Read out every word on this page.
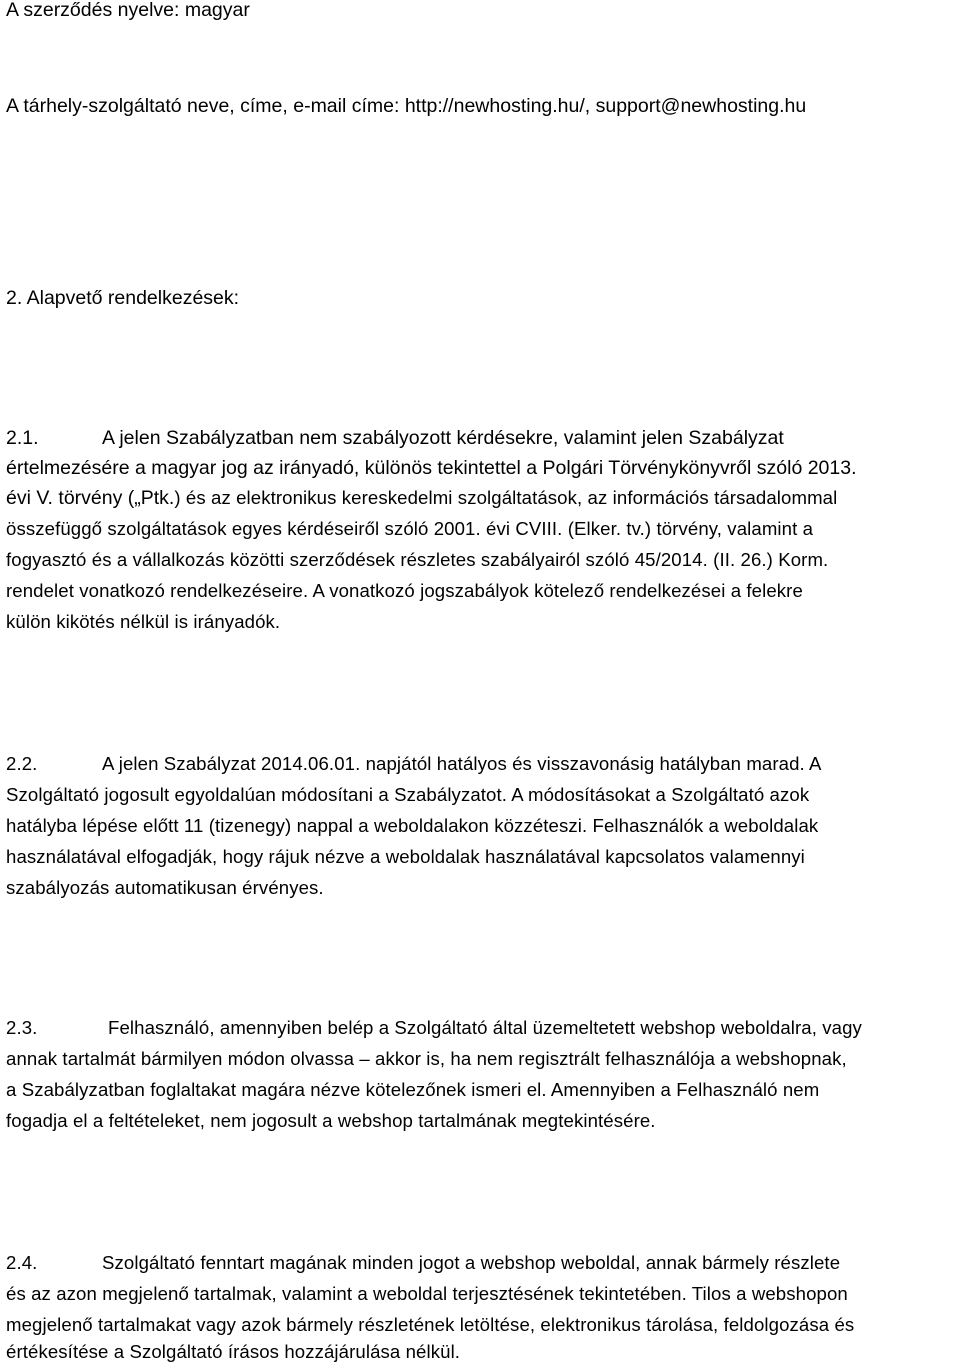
A szerződés nyelve: magyar
A tárhely-szolgáltató neve, címe, e-mail címe: http://newhosting.hu/, support@newhosting.hu
2. Alapvető rendelkezések:
2.1.	A jelen Szabályzatban nem szabályozott kérdésekre, valamint jelen Szabályzat
értelmezésére a magyar jog az irányadó, különös tekintettel a Polgári Törvénykönyvről szóló 2013.
évi V. törvény („Ptk.) és az elektronikus kereskedelmi szolgáltatások, az információs társadalommal
összefüggő szolgáltatások egyes kérdéseiről szóló 2001. évi CVIII. (Elker. tv.) törvény, valamint a
fogyasztó és a vállalkozás közötti szerződések részletes szabályairól szóló 45/2014. (II. 26.) Korm.
rendelet vonatkozó rendelkezéseire. A vonatkozó jogszabályok kötelező rendelkezései a felekre
külön kikötés nélkül is irányadók.
2.2.	A jelen Szabályzat 2014.06.01. napjától hatályos és visszavonásig hatályban marad. A
Szolgáltató jogosult egyoldalúan módosítani a Szabályzatot. A módosításokat a Szolgáltató azok
hatályba lépése előtt 11 (tizenegy) nappal a weboldalakon közzéteszi. Felhasználók a weboldalak
használatával elfogadják, hogy rájuk nézve a weboldalak használatával kapcsolatos valamennyi
szabályozás automatikusan érvényes.
2.3.	Felhasználó, amennyiben belép a Szolgáltató által üzemeltetett webshop weboldalra, vagy
annak tartalmát bármilyen módon olvassa – akkor is, ha nem regisztrált felhasználója a webshopnak,
a Szabályzatban foglaltakat magára nézve kötelezőnek ismeri el. Amennyiben a Felhasználó nem
fogadja el a feltételeket, nem jogosult a webshop tartalmának megtekintésére.
2.4.	Szolgáltató fenntart magának minden jogot a webshop weboldal, annak bármely részlete
és az azon megjelenő tartalmak, valamint a weboldal terjesztésének tekintetében. Tilos a webshopon
megjelenő tartalmakat vagy azok bármely részletének letöltése, elektronikus tárolása, feldolgozása és
értékesítése a Szolgáltató írásos hozzájárulása nélkül.
